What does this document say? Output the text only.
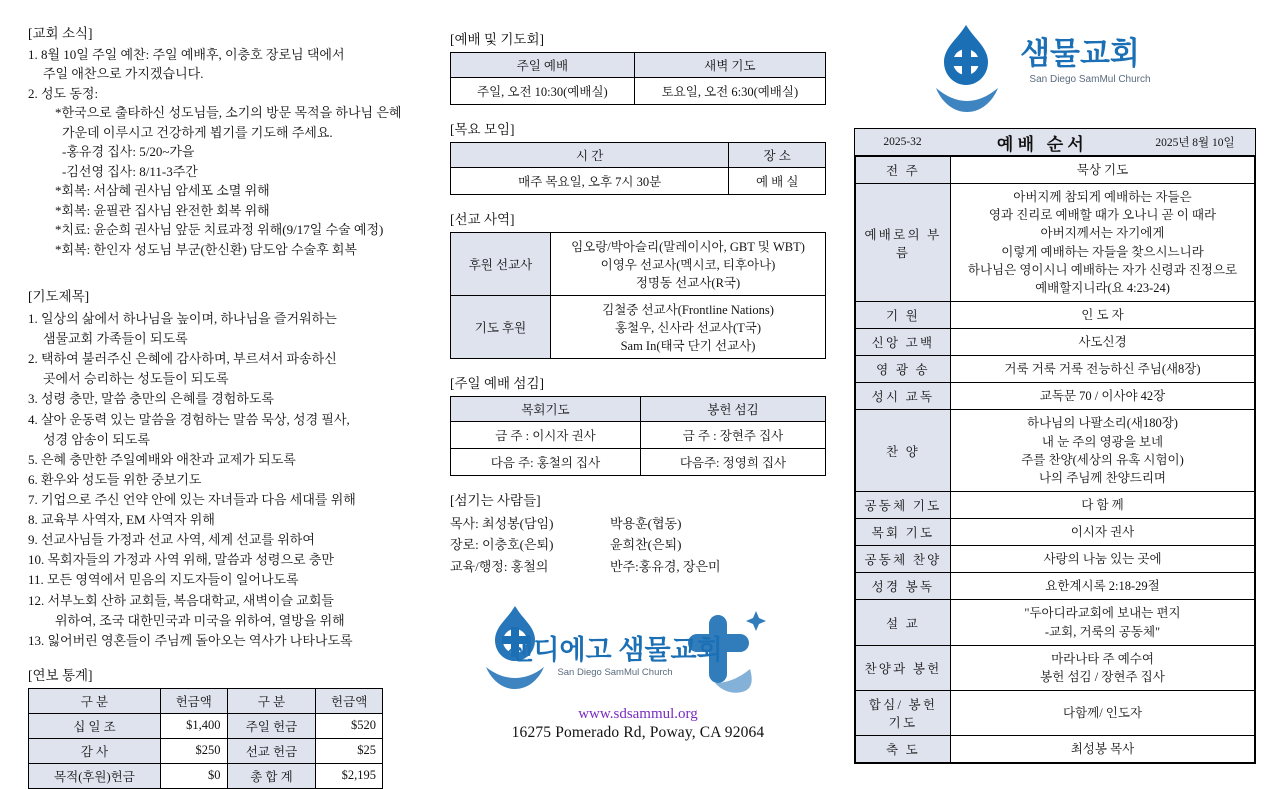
[교회 소식]
1. 8월 10일 주일 예찬: 주일 예배후, 이충호 장로님 댁에서
주일 애찬으로 가지겠습니다.
2. 성도 동정:
*한국으로 출타하신 성도님들, 소기의 방문 목적을 하나님 은혜
가운데 이루시고 건강하게 뵙기를 기도해 주세요.
-홍유경 집사: 5/20~가을
-김선영 집사: 8/11-3주간
*회복: 서삼혜 권사님 암세포 소멸 위해
*회복: 윤필관 집사님 완전한 회복 위해
*치료: 윤순희 권사님 앞둔 치료과정 위해(9/17일 수술 예정)
*회복: 한인자 성도님 부군(한신환) 담도암 수술후 회복
[기도제목]
1. 일상의 삶에서 하나님을 높이며, 하나님을 즐거워하는
샘물교회 가족들이 되도록
2. 택하여 불러주신 은혜에 감사하며, 부르셔서 파송하신
곳에서 승리하는 성도들이 되도록
3. 성령 충만, 말씀 충만의 은혜를 경험하도록
4. 살아 운동력 있는 말씀을 경험하는 말씀 묵상, 성경 필사,
성경 암송이 되도록
5. 은혜 충만한 주일예배와 애찬과 교제가 되도록
6. 환우와 성도들 위한 중보기도
7. 기업으로 주신 언약 안에 있는 자녀들과 다음 세대를 위해
8. 교육부 사역자, EM 사역자 위해
9. 선교사님들 가정과 선교 사역, 세계 선교를 위하여
10. 목회자들의 가정과 사역 위해, 말씀과 성령으로 충만
11. 모든 영역에서 믿음의 지도자들이 일어나도록
12. 서부노회 산하 교회들, 복음대학교, 새벽이슬 교회들
위하여, 조국 대한민국과 미국을 위하여, 열방을 위해
13. 잃어버린 영혼들이 주님께 돌아오는 역사가 나타나도록
[연보 통계]
구 분	헌금액	구 분	헌금액
십 일 조	$1,400	주일 헌금	$520
감 사	$250	선교 헌금	$25
목적(후원)헌금	$0	총 합 계	$2,195
[예배 및 기도회]
주일 예배	새벽 기도
주일, 오전 10:30(예배실)	토요일, 오전 6:30(예배실)
[목요 모임]
시 간	장 소
매주 목요일, 오후 7시 30분	예 배 실
[선교 사역]
후원 선교사	임오랑/박아슬리(말레이시아, GBT 및 WBT)
이영우 선교사(멕시코, 티후아나)
정명동 선교사(R국)

기도 후원	김철중 선교사(Frontline Nations)
홍철우, 신사라 선교사(T국)
Sam In(태국 단기 선교사)
[주일 예배 섬김]
목회기도	봉헌 섬김
금 주 : 이시자 권사	금 주 : 장현주 집사
다음 주: 홍철의 집사	다음주: 정영희 집사
[섬기는 사람들]
목사: 최성봉(담임)	박용훈(협동)
장로: 이충호(은퇴)	윤희찬(은퇴)
교육/행정: 홍철의	반주:홍유경, 장은미
샌디에고 샘물교회
San Diego SamMul Church
www.sdsammul.org
16275 Pomerado Rd, Poway, CA 92064
샘물교회
San Diego SamMul Church
2025-32	예배 순서	2025년 8월 10일
전 주	묵상 기도

예배로의 부름	
아버지께 참되게 예배하는 자들은
영과 진리로 예배할 때가 오나니 곧 이 때라
아버지께서는 자기에게
이렇게 예배하는 자들을 찾으시느니라
하나님은 영이시니 예배하는 자가 신령과 진정으로
예배할지니라(요 4:23-24)

기 원	인 도 자

신앙 고백	사도신경

영 광 송	거룩 거룩 거룩 전능하신 주님(새8장)

성시 교독	교독문 70 / 이사야 42장

찬 양	하나님의 나팔소리(새180장)
내 눈 주의 영광을 보네
주를 찬양(세상의 유혹 시험이)
나의 주님께 찬양드리며

공동체 기도	다 함 께

목회 기도	이시자 권사

공동체 찬양	사랑의 나눔 있는 곳에

성경 봉독	요한계시록 2:18-29절

설 교	"두아디라교회에 보내는 편지
-교회, 거룩의 공동체"

찬양과 봉헌	마라나타 주 예수여
봉헌 섬김 / 장현주 집사

합심/ 봉헌기도	다함께/ 인도자

축 도	최성봉 목사
